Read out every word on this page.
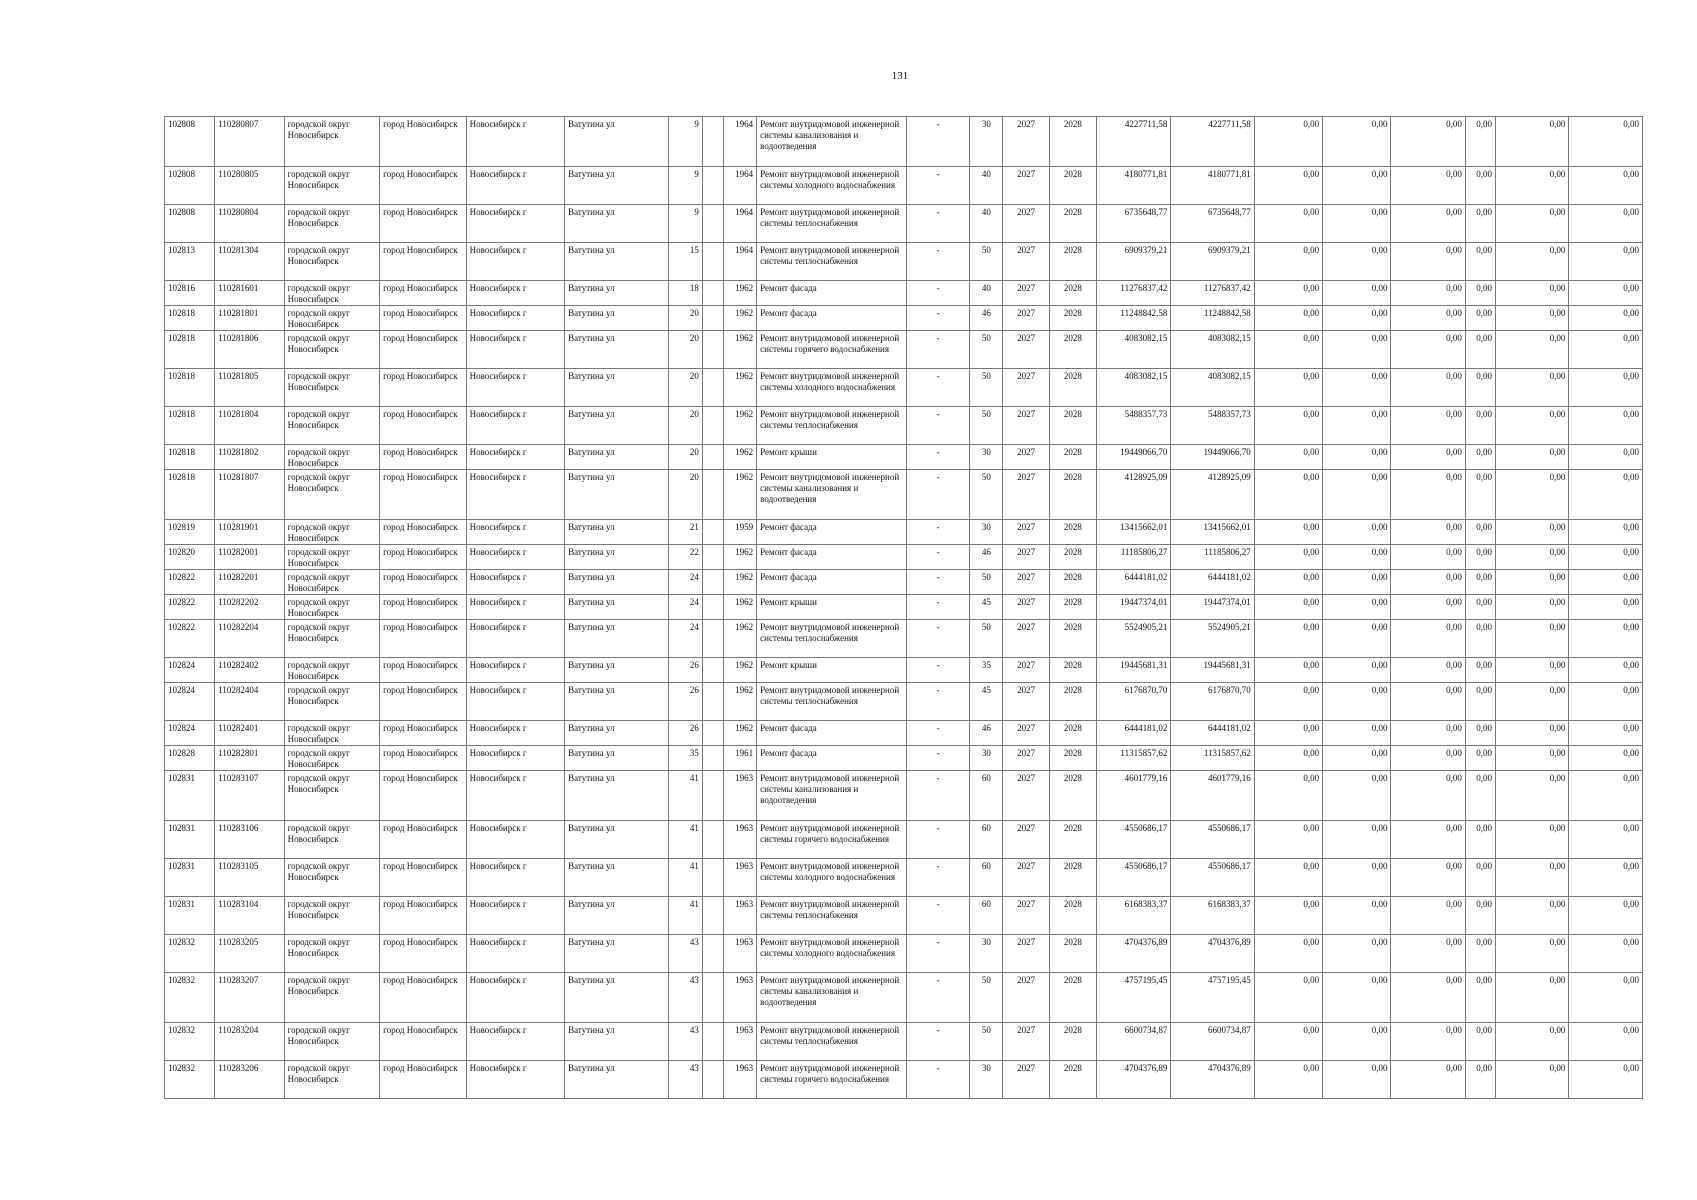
131
102808	110280807	городской округ Новосибирск	город Новосибирск	Новосибирск г	Ватутина ул	9		1964	Ремонт внутридомовой инженерной системы канализования и водоотведения	-	30	2027	2028	4227711,58	4227711,58	0,00	0,00	0,00	0,00	0,00	0,00
102808	110280805	городской округ Новосибирск	город Новосибирск	Новосибирск г	Ватутина ул	9		1964	Ремонт внутридомовой инженерной системы холодного водоснабжения	-	40	2027	2028	4180771,81	4180771,81	0,00	0,00	0,00	0,00	0,00	0,00
102808	110280804	городской округ Новосибирск	город Новосибирск	Новосибирск г	Ватутина ул	9		1964	Ремонт внутридомовой инженерной системы теплоснабжения	-	40	2027	2028	6735648,77	6735648,77	0,00	0,00	0,00	0,00	0,00	0,00
102813	110281304	городской округ Новосибирск	город Новосибирск	Новосибирск г	Ватутина ул	15		1964	Ремонт внутридомовой инженерной системы теплоснабжения	-	50	2027	2028	6909379,21	6909379,21	0,00	0,00	0,00	0,00	0,00	0,00
102816	110281601	городской округ Новосибирск	город Новосибирск	Новосибирск г	Ватутина ул	18		1962	Ремонт фасада	-	40	2027	2028	11276837,42	11276837,42	0,00	0,00	0,00	0,00	0,00	0,00
102818	110281801	городской округ Новосибирск	город Новосибирск	Новосибирск г	Ватутина ул	20		1962	Ремонт фасада	-	46	2027	2028	11248842,58	11248842,58	0,00	0,00	0,00	0,00	0,00	0,00
102818	110281806	городской округ Новосибирск	город Новосибирск	Новосибирск г	Ватутина ул	20		1962	Ремонт внутридомовой инженерной системы горячего водоснабжения	-	50	2027	2028	4083082,15	4083082,15	0,00	0,00	0,00	0,00	0,00	0,00
102818	110281805	городской округ Новосибирск	город Новосибирск	Новосибирск г	Ватутина ул	20		1962	Ремонт внутридомовой инженерной системы холодного водоснабжения	-	50	2027	2028	4083082,15	4083082,15	0,00	0,00	0,00	0,00	0,00	0,00
102818	110281804	городской округ Новосибирск	город Новосибирск	Новосибирск г	Ватутина ул	20		1962	Ремонт внутридомовой инженерной системы теплоснабжения	-	50	2027	2028	5488357,73	5488357,73	0,00	0,00	0,00	0,00	0,00	0,00
102818	110281802	городской округ Новосибирск	город Новосибирск	Новосибирск г	Ватутина ул	20		1962	Ремонт крыши	-	30	2027	2028	19449066,70	19449066,70	0,00	0,00	0,00	0,00	0,00	0,00
102818	110281807	городской округ Новосибирск	город Новосибирск	Новосибирск г	Ватутина ул	20		1962	Ремонт внутридомовой инженерной системы канализования и водоотведения	-	50	2027	2028	4128925,09	4128925,09	0,00	0,00	0,00	0,00	0,00	0,00
102819	110281901	городской округ Новосибирск	город Новосибирск	Новосибирск г	Ватутина ул	21		1959	Ремонт фасада	-	30	2027	2028	13415662,01	13415662,01	0,00	0,00	0,00	0,00	0,00	0,00
102820	110282001	городской округ Новосибирск	город Новосибирск	Новосибирск г	Ватутина ул	22		1962	Ремонт фасада	-	46	2027	2028	11185806,27	11185806,27	0,00	0,00	0,00	0,00	0,00	0,00
102822	110282201	городской округ Новосибирск	город Новосибирск	Новосибирск г	Ватутина ул	24		1962	Ремонт фасада	-	50	2027	2028	6444181,02	6444181,02	0,00	0,00	0,00	0,00	0,00	0,00
102822	110282202	городской округ Новосибирск	город Новосибирск	Новосибирск г	Ватутина ул	24		1962	Ремонт крыши	-	45	2027	2028	19447374,01	19447374,01	0,00	0,00	0,00	0,00	0,00	0,00
102822	110282204	городской округ Новосибирск	город Новосибирск	Новосибирск г	Ватутина ул	24		1962	Ремонт внутридомовой инженерной системы теплоснабжения	-	50	2027	2028	5524905,21	5524905,21	0,00	0,00	0,00	0,00	0,00	0,00
102824	110282402	городской округ Новосибирск	город Новосибирск	Новосибирск г	Ватутина ул	26		1962	Ремонт крыши	-	35	2027	2028	19445681,31	19445681,31	0,00	0,00	0,00	0,00	0,00	0,00
102824	110282404	городской округ Новосибирск	город Новосибирск	Новосибирск г	Ватутина ул	26		1962	Ремонт внутридомовой инженерной системы теплоснабжения	-	45	2027	2028	6176870,70	6176870,70	0,00	0,00	0,00	0,00	0,00	0,00
102824	110282401	городской округ Новосибирск	город Новосибирск	Новосибирск г	Ватутина ул	26		1962	Ремонт фасада	-	46	2027	2028	6444181,02	6444181,02	0,00	0,00	0,00	0,00	0,00	0,00
102828	110282801	городской округ Новосибирск	город Новосибирск	Новосибирск г	Ватутина ул	35		1961	Ремонт фасада	-	30	2027	2028	11315857,62	11315857,62	0,00	0,00	0,00	0,00	0,00	0,00
102831	110283107	городской округ Новосибирск	город Новосибирск	Новосибирск г	Ватутина ул	41		1963	Ремонт внутридомовой инженерной системы канализования и водоотведения	-	60	2027	2028	4601779,16	4601779,16	0,00	0,00	0,00	0,00	0,00	0,00
102831	110283106	городской округ Новосибирск	город Новосибирск	Новосибирск г	Ватутина ул	41		1963	Ремонт внутридомовой инженерной системы горячего водоснабжения	-	60	2027	2028	4550686,17	4550686,17	0,00	0,00	0,00	0,00	0,00	0,00
102831	110283105	городской округ Новосибирск	город Новосибирск	Новосибирск г	Ватутина ул	41		1963	Ремонт внутридомовой инженерной системы холодного водоснабжения	-	60	2027	2028	4550686,17	4550686,17	0,00	0,00	0,00	0,00	0,00	0,00
102831	110283104	городской округ Новосибирск	город Новосибирск	Новосибирск г	Ватутина ул	41		1963	Ремонт внутридомовой инженерной системы теплоснабжения	-	60	2027	2028	6168383,37	6168383,37	0,00	0,00	0,00	0,00	0,00	0,00
102832	110283205	городской округ Новосибирск	город Новосибирск	Новосибирск г	Ватутина ул	43		1963	Ремонт внутридомовой инженерной системы холодного водоснабжения	-	30	2027	2028	4704376,89	4704376,89	0,00	0,00	0,00	0,00	0,00	0,00
102832	110283207	городской округ Новосибирск	город Новосибирск	Новосибирск г	Ватутина ул	43		1963	Ремонт внутридомовой инженерной системы канализования и водоотведения	-	50	2027	2028	4757195,45	4757195,45	0,00	0,00	0,00	0,00	0,00	0,00
102832	110283204	городской округ Новосибирск	город Новосибирск	Новосибирск г	Ватутина ул	43		1963	Ремонт внутридомовой инженерной системы теплоснабжения	-	50	2027	2028	6600734,87	6600734,87	0,00	0,00	0,00	0,00	0,00	0,00
102832	110283206	городской округ Новосибирск	город Новосибирск	Новосибирск г	Ватутина ул	43		1963	Ремонт внутридомовой инженерной системы горячего водоснабжения	-	30	2027	2028	4704376,89	4704376,89	0,00	0,00	0,00	0,00	0,00	0,00
